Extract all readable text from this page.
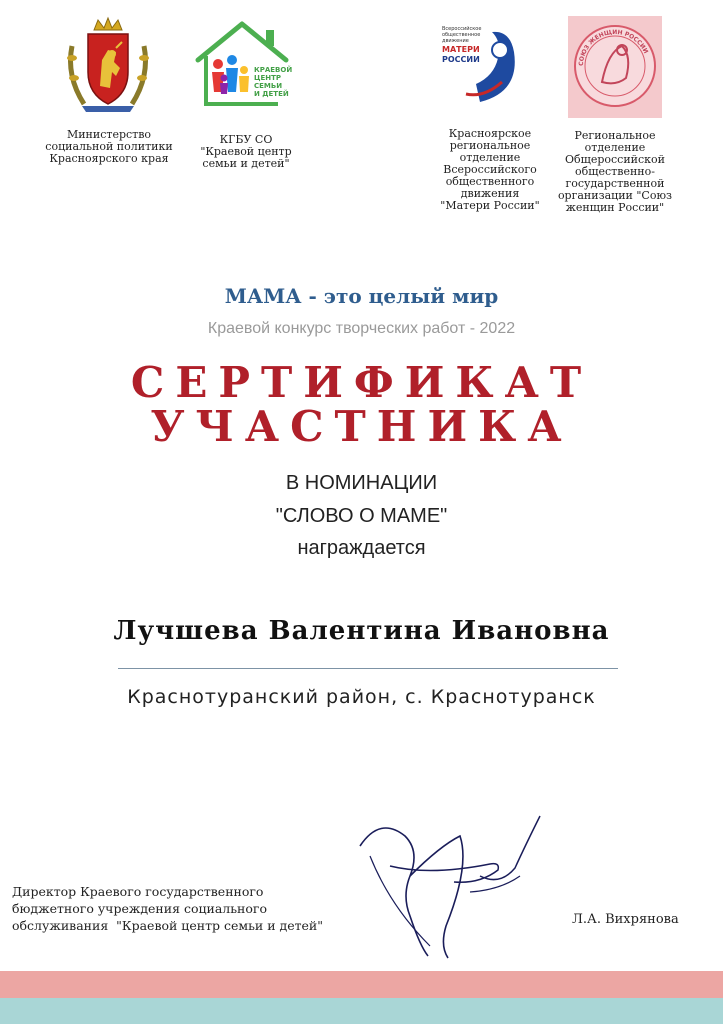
Министерство
социальной политики
Красноярского края
КРАЕВОЙ
ЦЕНТР
СЕМЬИ
И ДЕТЕЙ
КГБУ СО
"Краевой центр
семьи и детей"
Всероссийское
общественное
движение
МАТЕРИ
РОССИИ
Красноярское
региональное
отделение
Всероссийского
общественного
движения
"Матери России"
СОЮЗ ЖЕНЩИН РОССИИ
Региональное
отделение
Общероссийской
общественно-
государственной
организации "Союз
женщин России"
МАМА - это целый мир
Краевой конкурс творческих работ - 2022
СЕРТИФИКАТ
УЧАСТНИКА
В НОМИНАЦИИ
"СЛОВО О МАМЕ"
награждается
Лучшева Валентина Ивановна
Краснотуранский район, с. Краснотуранск
Директор Краевого государственного
бюджетного учреждения социального
обслуживания  "Краевой центр семьи и детей"	Л.А. Вихрянова
